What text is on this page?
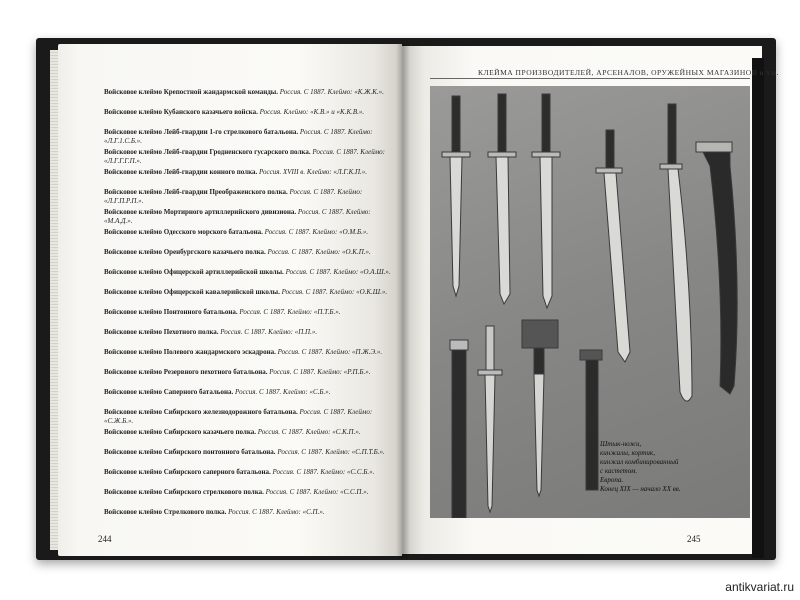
Войсковое клеймо Крепостной жандармской команды. Россия. С 1887. Клеймо: «К.Ж.К.».

Войсковое клеймо Кубанского казачьего войска. Россия. Клеймо: «К.В.» и «К.К.В.».

Войсковое клеймо Лейб-гвардии 1-го стрелкового батальона. Россия. С 1887. Клеймо: «Л.Г.1.С.Б.».

Войсковое клеймо Лейб-гвардии Гродненского гусарского полка. Россия. С 1887. Клеймо: «Л.Г.Г.Г.П.».

Войсковое клеймо Лейб-гвардии конного полка. Россия. XVIII в. Клеймо: «Л.Г.К.П.».

Войсковое клеймо Лейб-гвардии Преображенского полка. Россия. С 1887. Клеймо: «Л.Г.П.Р.П.».

Войсковое клеймо Мортирного артиллерийского дивизиона. Россия. С 1887. Клеймо: «М.А.Д.».

Войсковое клеймо Одесского морского батальона. Россия. С 1887. Клеймо: «О.М.Б.».

Войсковое клеймо Оренбургского казачьего полка. Россия. С 1887. Клеймо: «О.К.П.».

Войсковое клеймо Офицерской артиллерийской школы. Россия. С 1887. Клеймо: «О.А.Ш.».

Войсковое клеймо Офицерской кавалерийской школы. Россия. С 1887. Клеймо: «О.К.Ш.».

Войсковое клеймо Понтонного батальона. Россия. С 1887. Клеймо: «П.Т.Б.».

Войсковое клеймо Пехотного полка. Россия. С 1887. Клеймо: «П.П.».

Войсковое клеймо Полевого жандармского эскадрона. Россия. С 1887. Клеймо: «П.Ж.Э.».

Войсковое клеймо Резервного пехотного батальона. Россия. С 1887. Клеймо: «Р.П.Б.».

Войсковое клеймо Саперного батальона. Россия. С 1887. Клеймо: «С.Б.».

Войсковое клеймо Сибирского железнодорожного батальона. Россия. С 1887. Клеймо: «С.Ж.Б.».

Войсковое клеймо Сибирского казачьего полка. Россия. С 1887. Клеймо: «С.К.П.».

Войсковое клеймо Сибирского понтонного батальона. Россия. С 1887. Клеймо: «С.П.Т.Б.».

Войсковое клеймо Сибирского саперного батальона. Россия. С 1887. Клеймо: «С.С.Б.».

Войсковое клеймо Сибирского стрелкового полка. Россия. С 1887. Клеймо: «С.С.П.».

Войсковое клеймо Стрелкового полка. Россия. С 1887. Клеймо: «С.П.».

244	245
КЛЕЙМА ПРОИЗВОДИТЕЛЕЙ, АРСЕНАЛОВ, ОРУЖЕЙНЫХ МАГАЗИНОВ и т.п.
Штык-ножи,
кинжалы, кортик,
кинжал комбинированный
с кастетом.
Европа.
Конец XIX — начало XX вв.
antikvariat.ru
